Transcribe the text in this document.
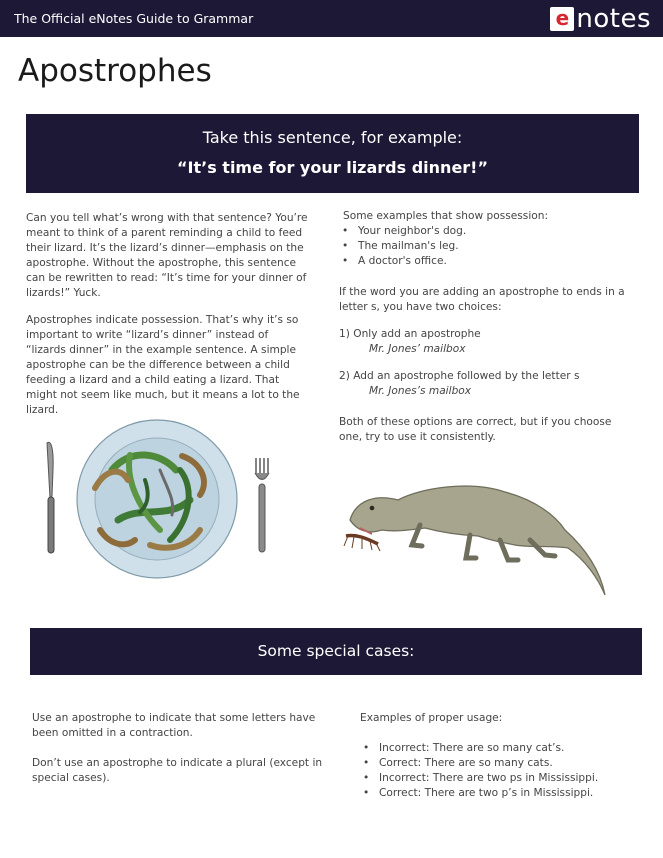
The Official eNotes Guide to Grammar	e notes
Apostrophes
Take this sentence, for example:
“It’s time for your lizards dinner!”

Can you tell what’s wrong with that sentence? You’re meant to think of a parent reminding a child to feed their lizard. It’s the lizard’s dinner—emphasis on the apostrophe. Without the apostrophe, this sentence can be rewritten to read: “It’s time for your dinner of lizards!” Yuck.

Apostrophes indicate possession. That’s why it’s so important to write “lizard’s dinner” instead of “lizards dinner” in the example sentence. A simple apostrophe can be the difference between a child feeding a lizard and a child eating a lizard. That might not seem like much, but it means a lot to the lizard.

Some examples that show possession:

• Your neighbor's dog.
• The mailman's leg.
• A doctor's office.

If the word you are adding an apostrophe to ends in a letter s, you have two choices:

1) Only add an apostrophe

Mr. Jones’ mailbox

2) Add an apostrophe followed by the letter s

Mr. Jones’s mailbox

Both of these options are correct, but if you choose one, try to use it consistently.

Some special cases:

Use an apostrophe to indicate that some letters have been omitted in a contraction.

Don’t use an apostrophe to indicate a plural (except in special cases).

Examples of proper usage:

• Incorrect: There are so many cat’s.
• Correct: There are so many cats.
• Incorrect: There are two ps in Mississippi.
• Correct: There are two p’s in Mississippi.
